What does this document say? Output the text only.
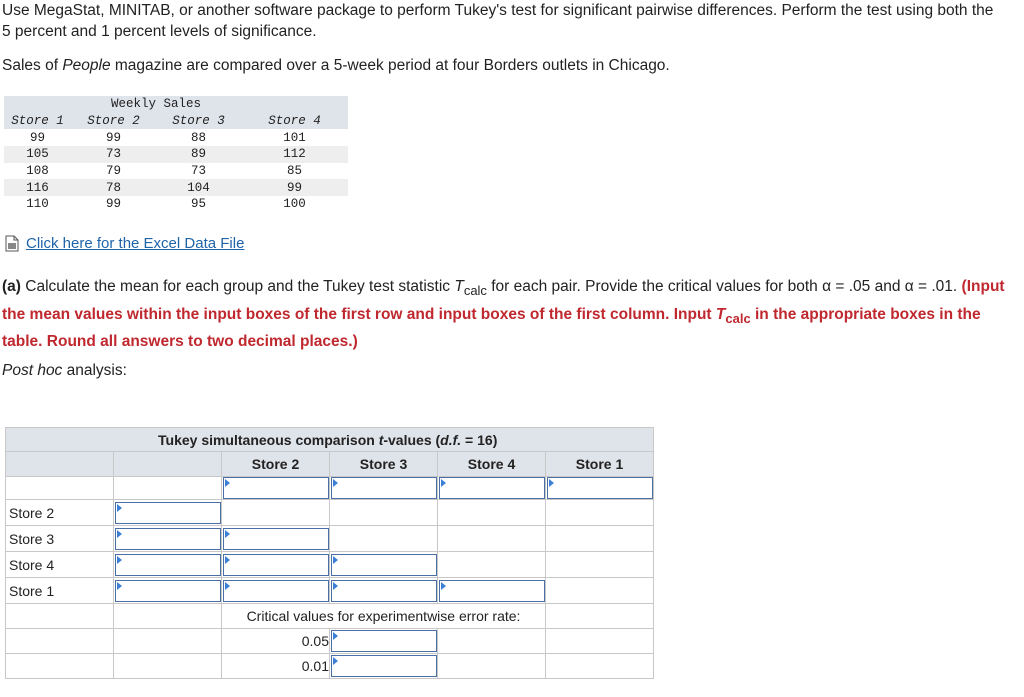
Use MegaStat, MINITAB, or another software package to perform Tukey's test for significant pairwise differences. Perform the test using both the 5 percent and 1 percent levels of significance.
Sales of People magazine are compared over a 5-week period at four Borders outlets in Chicago.
	Weekly Sales		
Store 1	Store 2	Store 3	Store 4
99	99	88	101
105	73	89	112
108	79	73	85
116	78	104	99
110	99	95	100
Click here for the Excel Data File
(a) Calculate the mean for each group and the Tukey test statistic $T_{calc}$ for each pair. Provide the critical values for both α = .05 and α = .01. (Input the mean values within the input boxes of the first row and input boxes of the first column. Input $T_{calc}$ in the appropriate boxes in the table. Round all answers to two decimal places.)
Post hoc analysis:
Tukey simultaneous comparison t-values (d.f. = 16)					
		Store 2	Store 3	Store 4	Store 1

Store 2	

Store 3	

Store 4	

Store 1	

		Critical values for experimentwise error rate:			
		0.05	

		0.01	
